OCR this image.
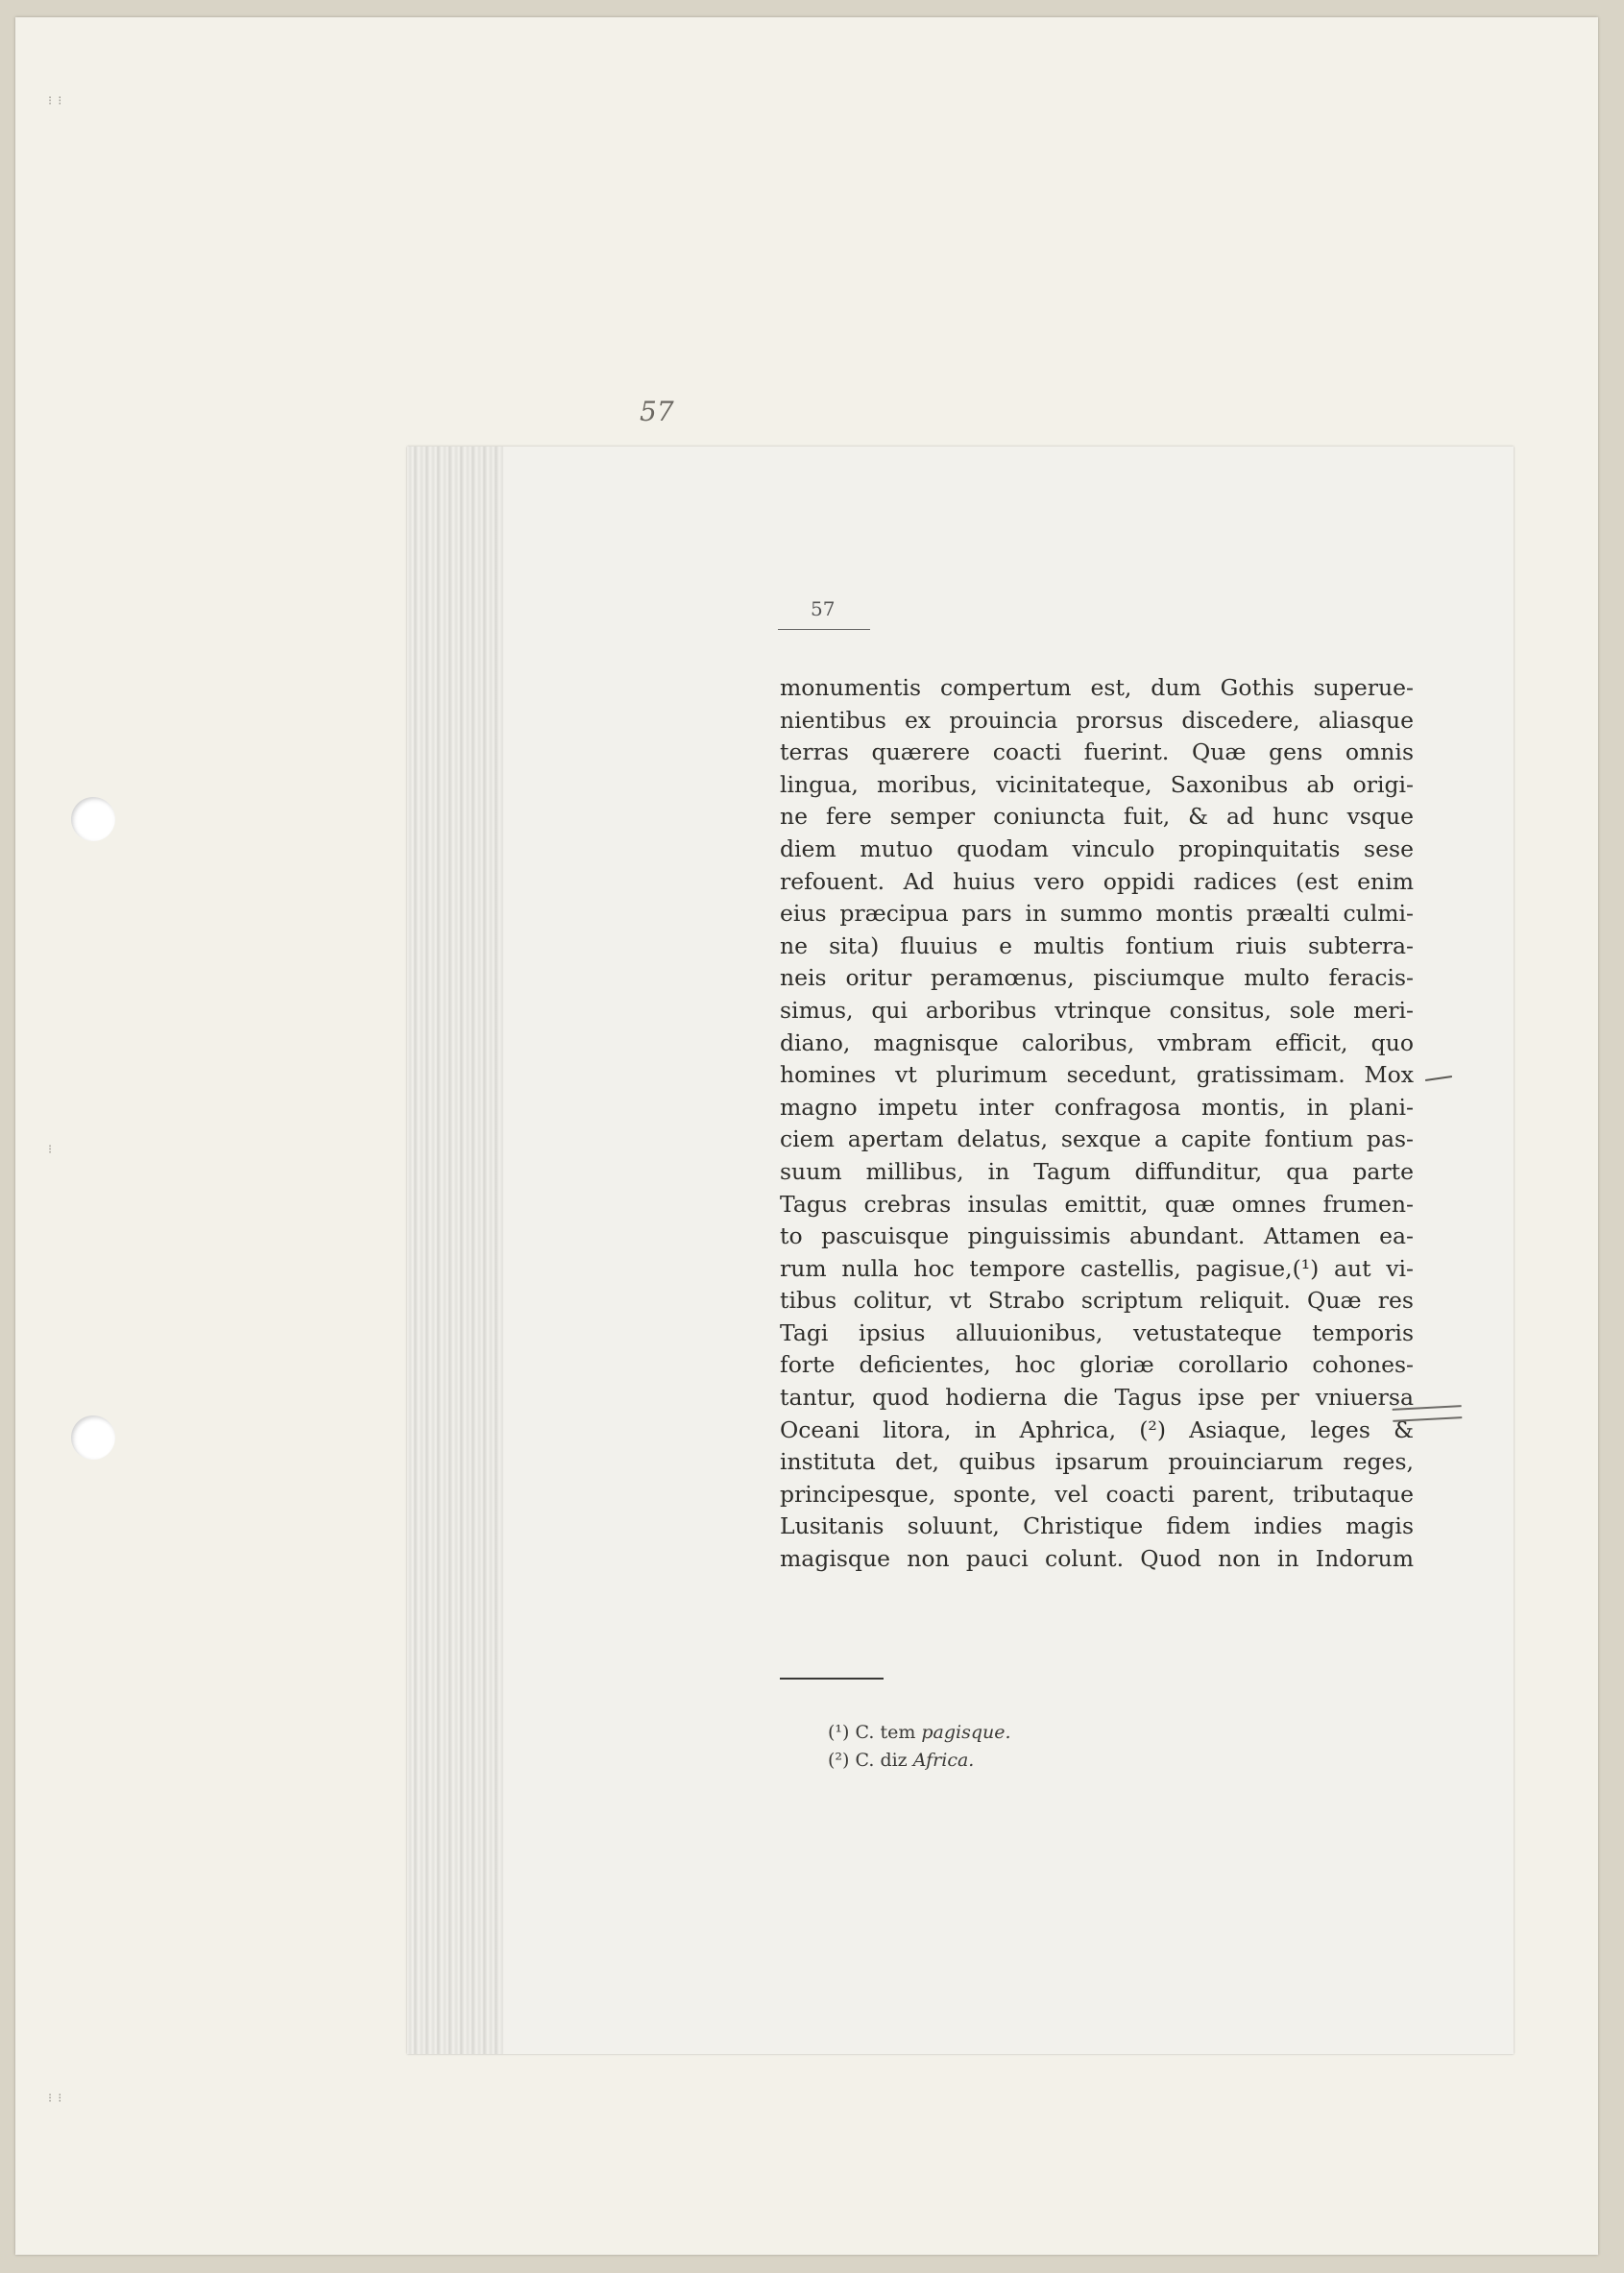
⁝ ⁝
⁝
⁝ ⁝
57
57
monumentis compertum est, dum Gothis superue-
nientibus ex prouincia prorsus discedere, aliasque
terras quærere coacti fuerint. Quæ gens omnis
lingua, moribus, vicinitateque, Saxonibus ab origi-
ne fere semper coniuncta fuit, & ad hunc vsque
diem mutuo quodam vinculo propinquitatis sese
refouent. Ad huius vero oppidi radices (est enim
eius præcipua pars in summo montis præalti culmi-
ne sita) fluuius e multis fontium riuis subterra-
neis oritur peramœnus, pisciumque multo feracis-
simus, qui arboribus vtrinque consitus, sole meri-
diano, magnisque caloribus, vmbram efficit, quo
homines vt plurimum secedunt, gratissimam. Mox
magno impetu inter confragosa montis, in plani-
ciem apertam delatus, sexque a capite fontium pas-
suum millibus, in Tagum diffunditur, qua parte
Tagus crebras insulas emittit, quæ omnes frumen-
to pascuisque pinguissimis abundant. Attamen ea-
rum nulla hoc tempore castellis, pagisue,(¹) aut vi-
tibus colitur, vt Strabo scriptum reliquit. Quæ res
Tagi ipsius alluuionibus, vetustateque temporis
forte deficientes, hoc gloriæ corollario cohones-
tantur, quod hodierna die Tagus ipse per vniuersa
Oceani litora, in Aphrica, (²) Asiaque, leges &
instituta det, quibus ipsarum prouinciarum reges,
principesque, sponte, vel coacti parent, tributaque
Lusitanis soluunt, Christique fidem indies magis
magisque non pauci colunt. Quod non in Indorum
(¹) C. tem pagisque.
(²) C. diz Africa.
